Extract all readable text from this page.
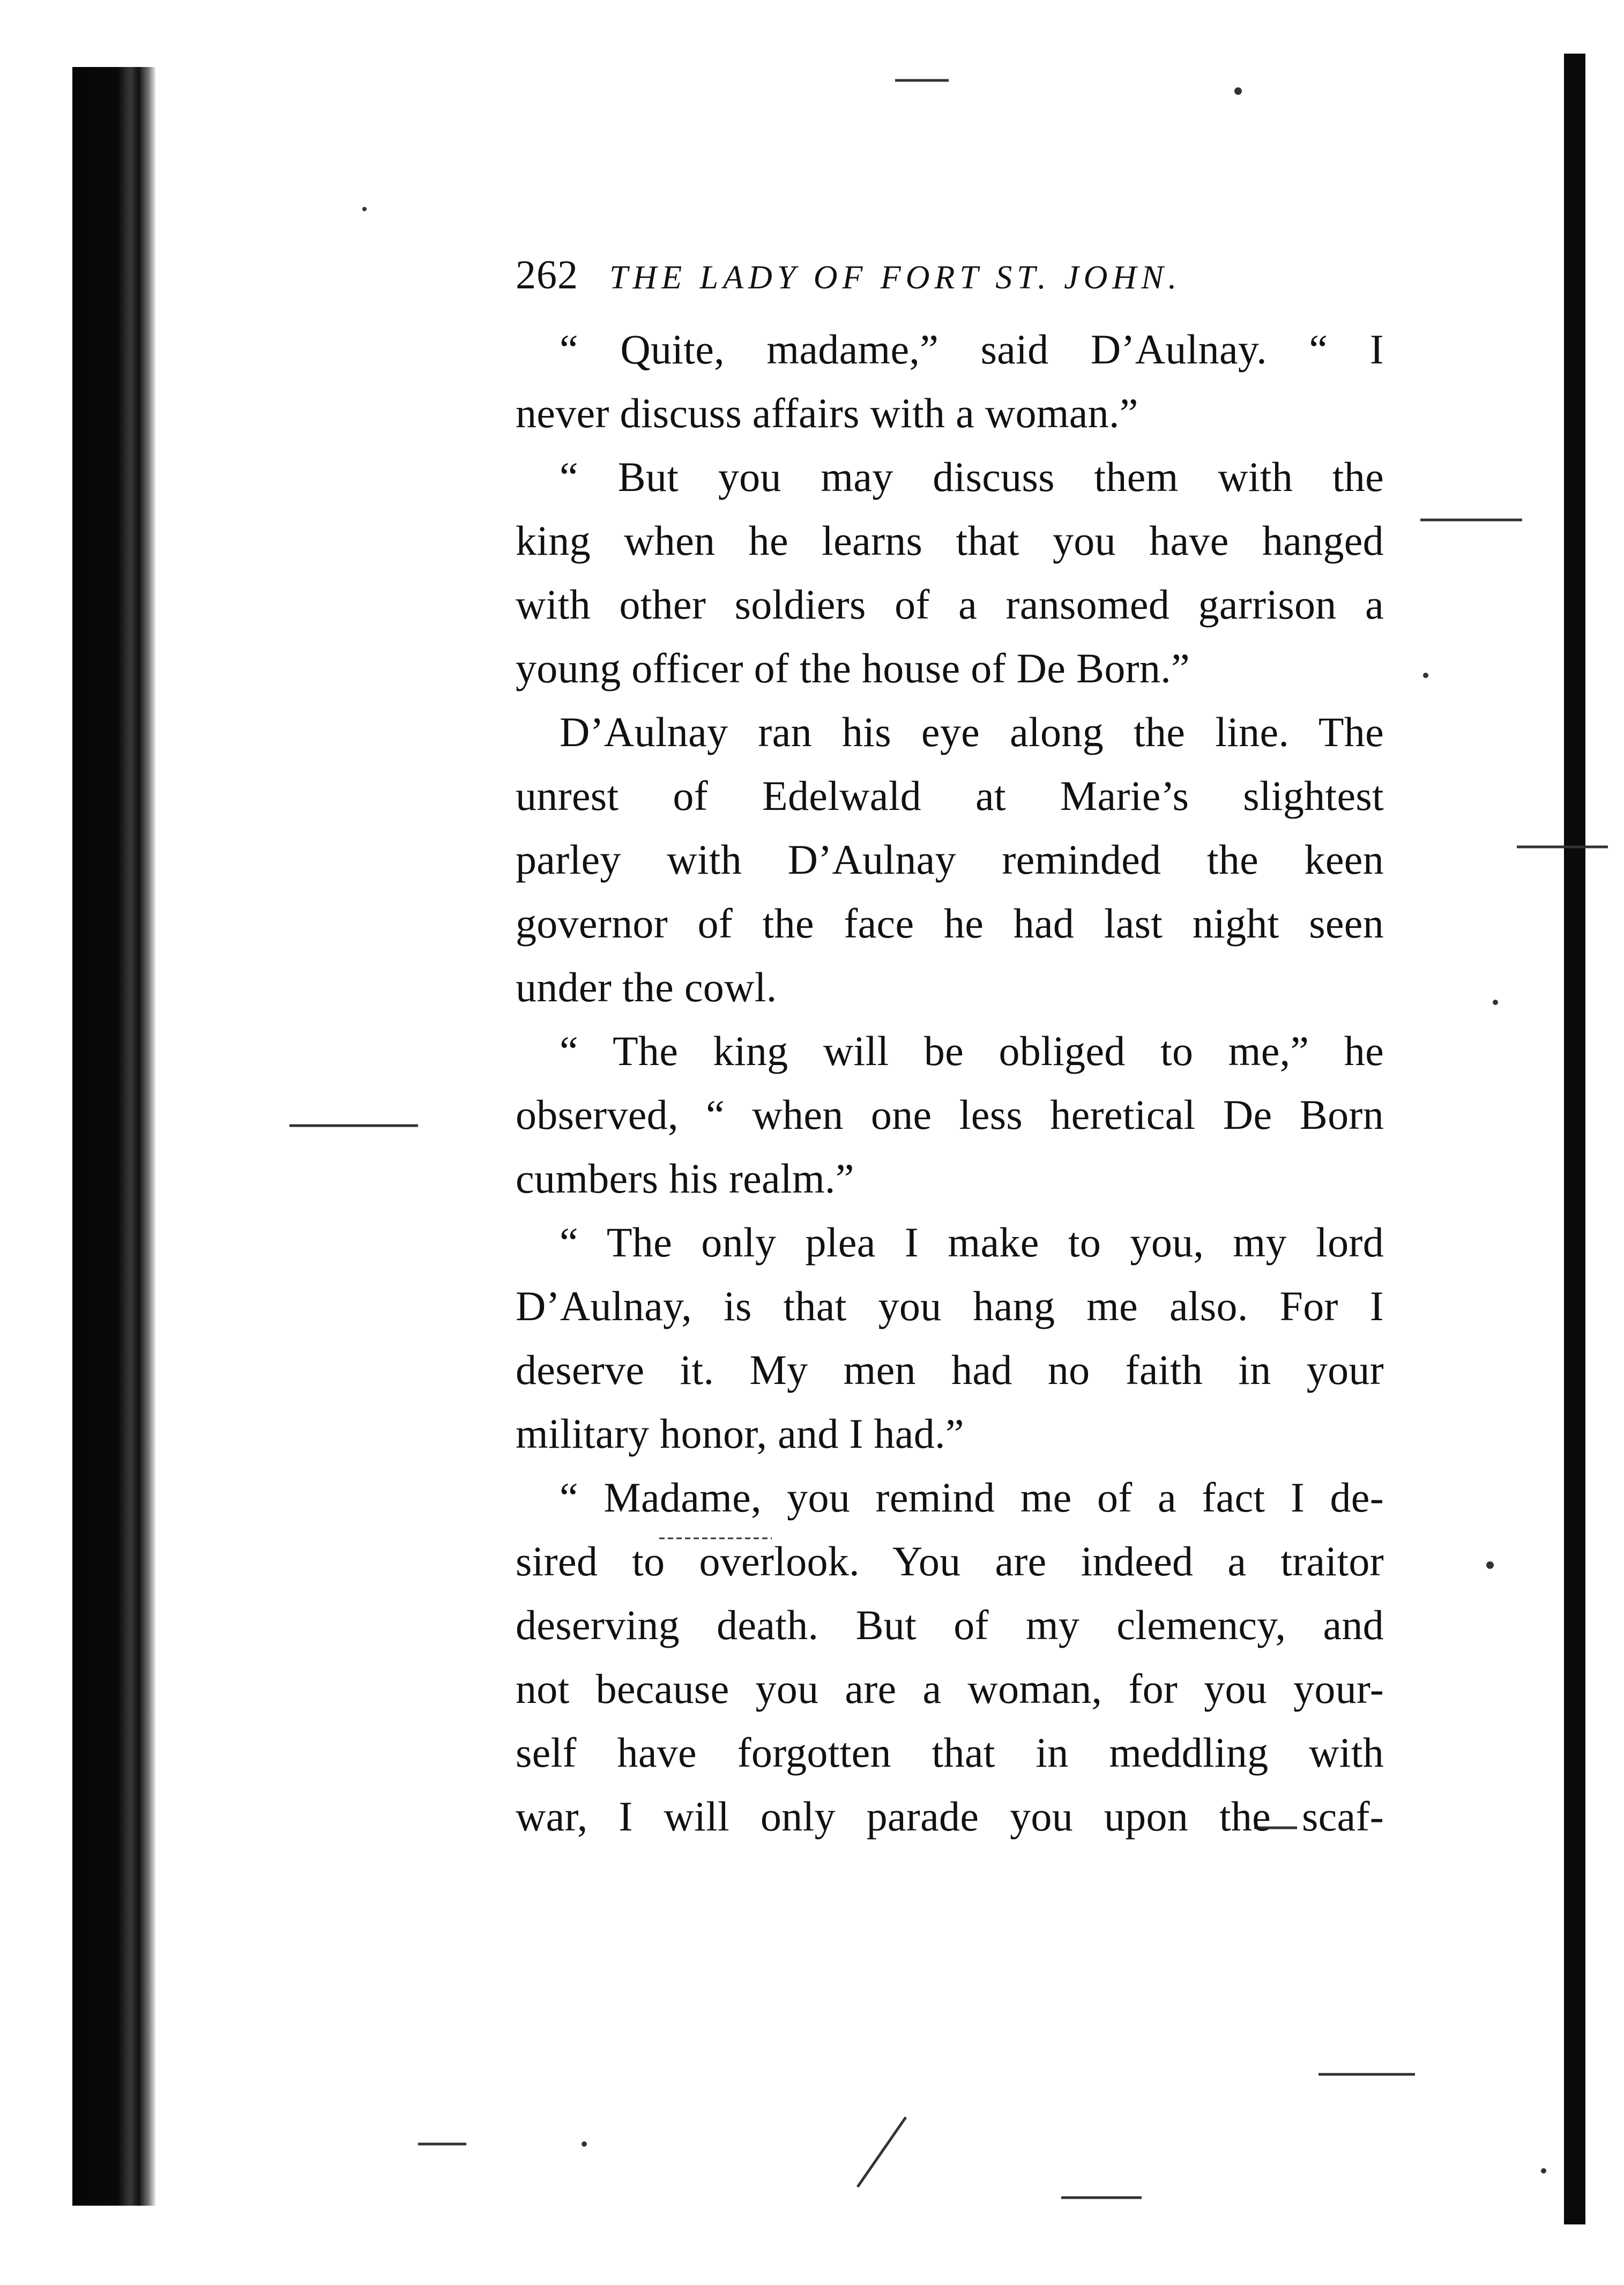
262 THE LADY OF FORT ST. JOHN.

“ Quite, madame,” said D’Aulnay. “ I
never discuss affairs with a woman.”

“ But you may discuss them with the
king when he learns that you have hanged
with other soldiers of a ransomed garrison a
young officer of the house of De Born.”

D’Aulnay ran his eye along the line. The
unrest of Edelwald at Marie’s slightest
parley with D’Aulnay reminded the keen
governor of the face he had last night seen
under the cowl.

“ The king will be obliged to me,” he
observed, “ when one less heretical De Born
cumbers his realm.”

“ The only plea I make to you, my lord
D’Aulnay, is that you hang me also. For I
deserve it. My men had no faith in your
military honor, and I had.”

“ Madame, you remind me of a fact I de-
sired to overlook. You are indeed a traitor
deserving death. But of my clemency, and
not because you are a woman, for you your-
self have forgotten that in meddling with
war, I will only parade you upon the scaf-
